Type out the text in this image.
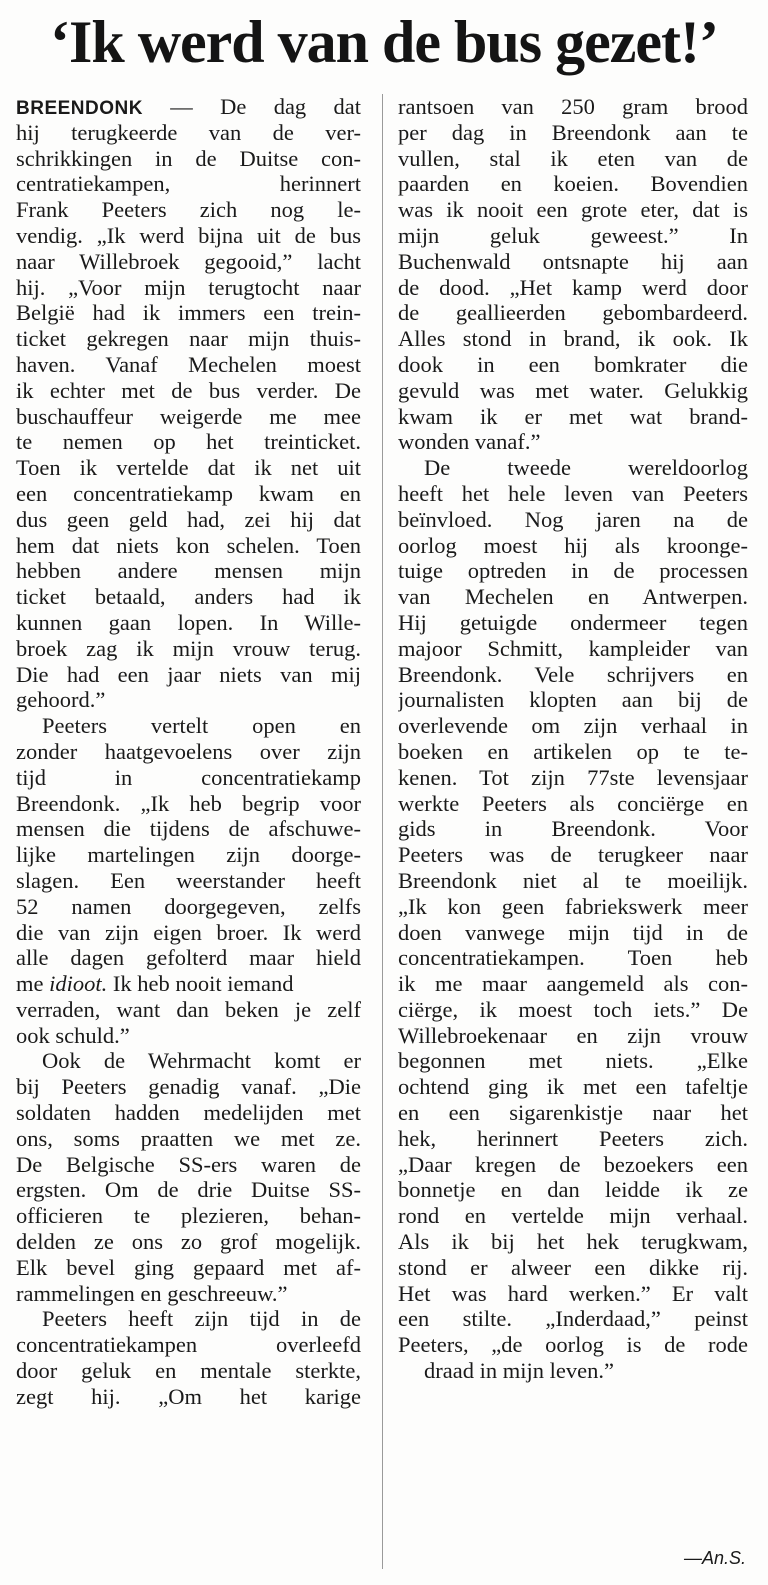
‘Ik werd van de bus gezet!’
BREENDONK — De dag dat
hij terugkeerde van de ver-
schrikkingen in de Duitse con-
centratiekampen, herinnert
Frank Peeters zich nog le-
vendig. „Ik werd bijna uit de bus
naar Willebroek gegooid,” lacht
hij. „Voor mijn terugtocht naar
België had ik immers een trein-
ticket gekregen naar mijn thuis-
haven. Vanaf Mechelen moest
ik echter met de bus verder. De
buschauffeur weigerde me mee
te nemen op het treinticket.
Toen ik vertelde dat ik net uit
een concentratiekamp kwam en
dus geen geld had, zei hij dat
hem dat niets kon schelen. Toen
hebben andere mensen mijn
ticket betaald, anders had ik
kunnen gaan lopen. In Wille-
broek zag ik mijn vrouw terug.
Die had een jaar niets van mij
gehoord.”
Peeters vertelt open en
zonder haatgevoelens over zijn
tijd in concentratiekamp
Breendonk. „Ik heb begrip voor
mensen die tijdens de afschuwe-
lijke martelingen zijn doorge-
slagen. Een weerstander heeft
52 namen doorgegeven, zelfs
die van zijn eigen broer. Ik werd
alle dagen gefolterd maar hield
me idioot. Ik heb nooit iemand
verraden, want dan beken je zelf
ook schuld.”
Ook de Wehrmacht komt er
bij Peeters genadig vanaf. „Die
soldaten hadden medelijden met
ons, soms praatten we met ze.
De Belgische SS-ers waren de
ergsten. Om de drie Duitse SS-
officieren te plezieren, behan-
delden ze ons zo grof mogelijk.
Elk bevel ging gepaard met af-
rammelingen en geschreeuw.”
Peeters heeft zijn tijd in de
concentratiekampen overleefd
door geluk en mentale sterkte,
zegt hij. „Om het karige
rantsoen van 250 gram brood
per dag in Breendonk aan te
vullen, stal ik eten van de
paarden en koeien. Bovendien
was ik nooit een grote eter, dat is
mijn geluk geweest.” In
Buchenwald ontsnapte hij aan
de dood. „Het kamp werd door
de geallieerden gebombardeerd.
Alles stond in brand, ik ook. Ik
dook in een bomkrater die
gevuld was met water. Gelukkig
kwam ik er met wat brand-
wonden vanaf.”
De tweede wereldoorlog
heeft het hele leven van Peeters
beïnvloed. Nog jaren na de
oorlog moest hij als kroonge-
tuige optreden in de processen
van Mechelen en Antwerpen.
Hij getuigde ondermeer tegen
majoor Schmitt, kampleider van
Breendonk. Vele schrijvers en
journalisten klopten aan bij de
overlevende om zijn verhaal in
boeken en artikelen op te te-
kenen. Tot zijn 77ste levensjaar
werkte Peeters als conciërge en
gids in Breendonk. Voor
Peeters was de terugkeer naar
Breendonk niet al te moeilijk.
„Ik kon geen fabriekswerk meer
doen vanwege mijn tijd in de
concentratiekampen. Toen heb
ik me maar aangemeld als con-
ciërge, ik moest toch iets.” De
Willebroekenaar en zijn vrouw
begonnen met niets. „Elke
ochtend ging ik met een tafeltje
en een sigarenkistje naar het
hek, herinnert Peeters zich.
„Daar kregen de bezoekers een
bonnetje en dan leidde ik ze
rond en vertelde mijn verhaal.
Als ik bij het hek terugkwam,
stond er alweer een dikke rij.
Het was hard werken.” Er valt
een stilte. „Inderdaad,” peinst
Peeters, „de oorlog is de rode
draad in mijn leven.”
—An.S.
